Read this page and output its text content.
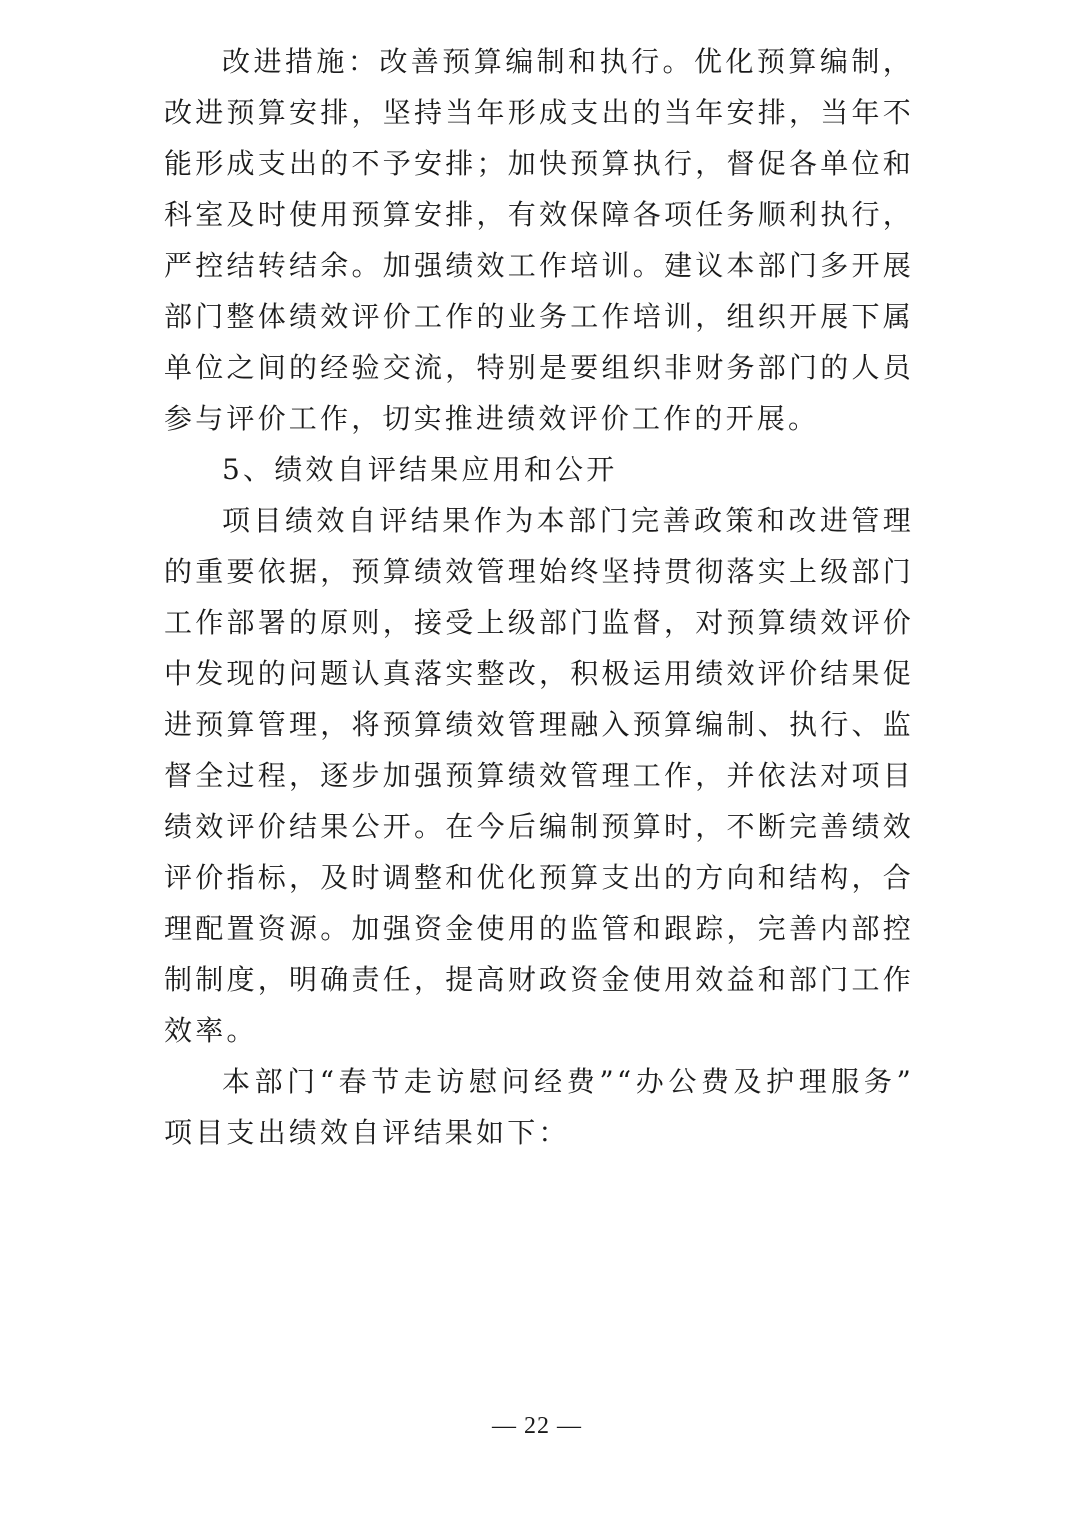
改进措施：改善预算编制和执行。优化预算编制，改进预算安排，坚持当年形成支出的当年安排，当年不能形成支出的不予安排；加快预算执行，督促各单位和科室及时使用预算安排，有效保障各项任务顺利执行，严控结转结余。加强绩效工作培训。建议本部门多开展部门整体绩效评价工作的业务工作培训，组织开展下属单位之间的经验交流，特别是要组织非财务部门的人员参与评价工作，切实推进绩效评价工作的开展。

5、绩效自评结果应用和公开

项目绩效自评结果作为本部门完善政策和改进管理的重要依据，预算绩效管理始终坚持贯彻落实上级部门工作部署的原则，接受上级部门监督，对预算绩效评价中发现的问题认真落实整改，积极运用绩效评价结果促进预算管理，将预算绩效管理融入预算编制、执行、监督全过程，逐步加强预算绩效管理工作，并依法对项目绩效评价结果公开。在今后编制预算时，不断完善绩效评价指标，及时调整和优化预算支出的方向和结构，合理配置资源。加强资金使用的监管和跟踪，完善内部控制制度，明确责任，提高财政资金使用效益和部门工作效率。

本部门“春节走访慰问经费”“办公费及护理服务” 项目支出绩效自评结果如下：

— 22 —
